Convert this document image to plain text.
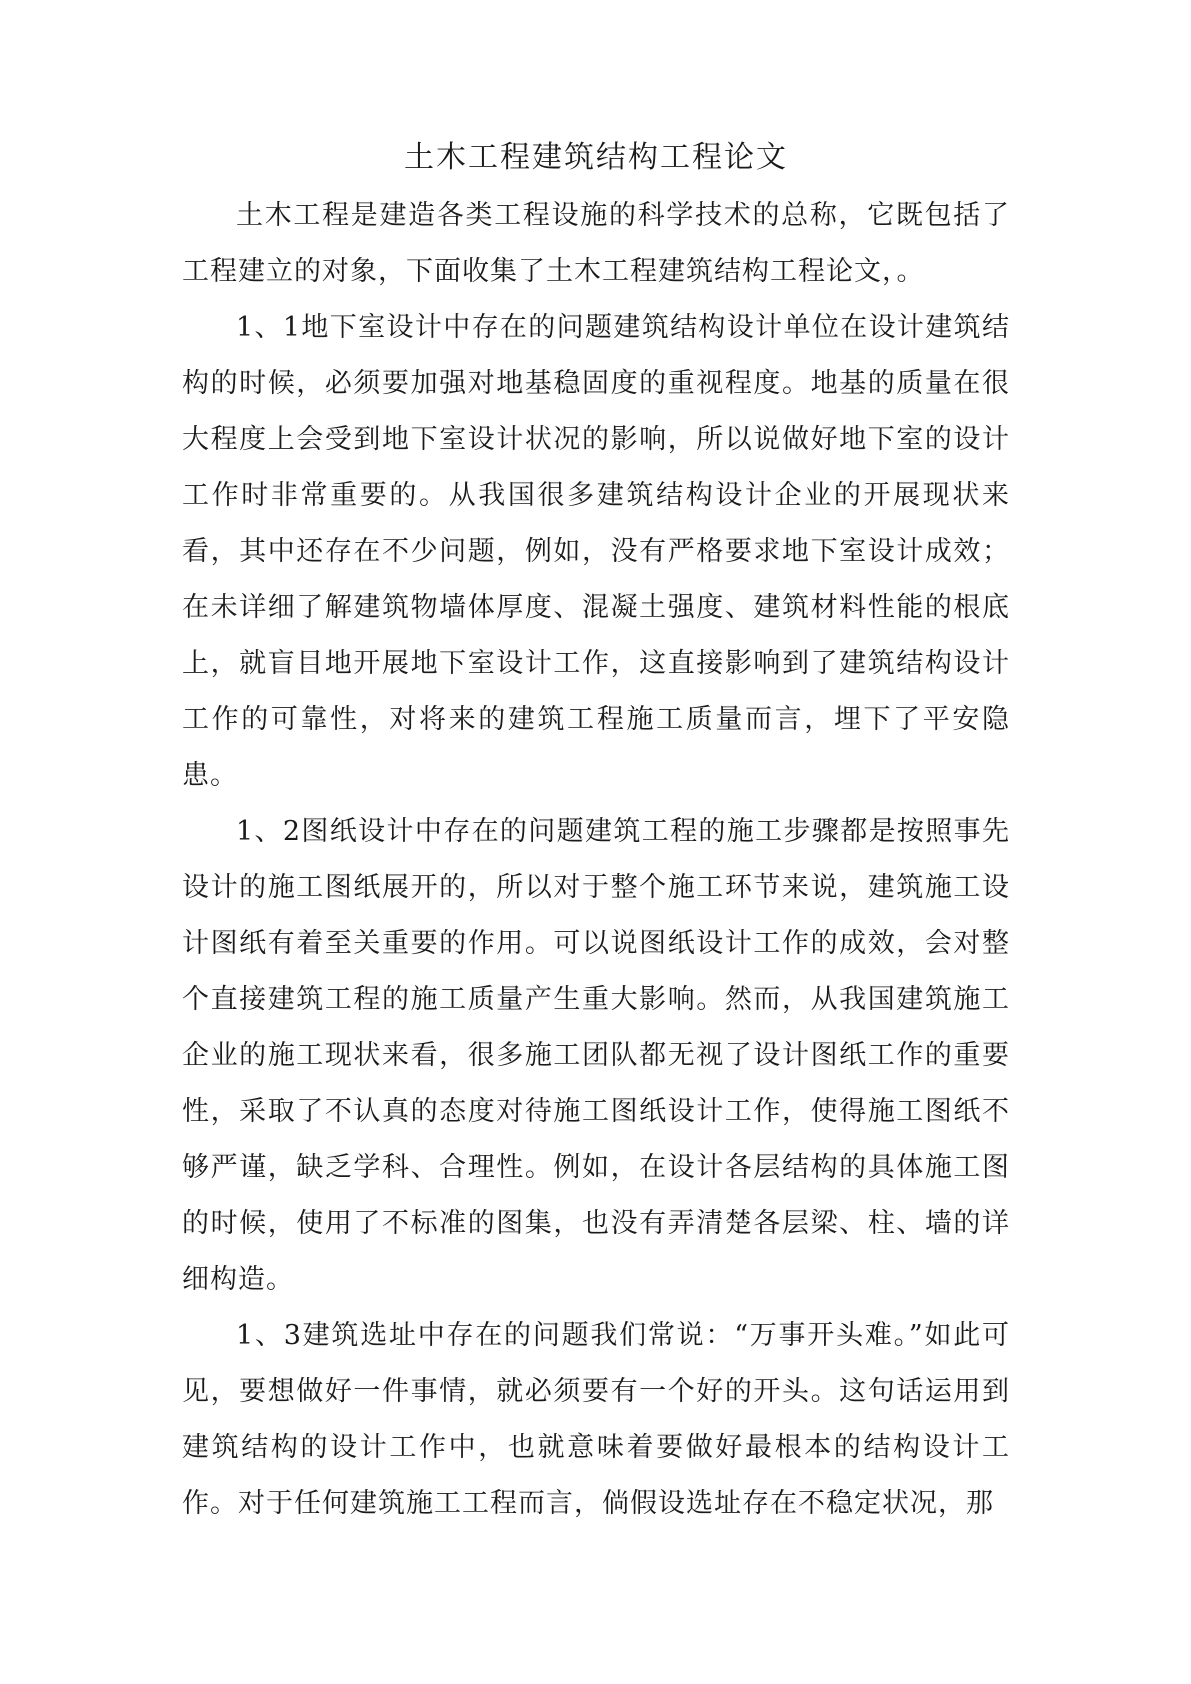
土木工程建筑结构工程论文

土木工程是建造各类工程设施的科学技术的总称，它既包括了工程建立的对象，下面收集了土木工程建筑结构工程论文，。

1、1地下室设计中存在的问题建筑结构设计单位在设计建筑结构的时候，必须要加强对地基稳固度的重视程度。地基的质量在很大程度上会受到地下室设计状况的影响，所以说做好地下室的设计工作时非常重要的。从我国很多建筑结构设计企业的开展现状来看，其中还存在不少问题，例如，没有严格要求地下室设计成效；在未详细了解建筑物墙体厚度、混凝土强度、建筑材料性能的根底上，就盲目地开展地下室设计工作，这直接影响到了建筑结构设计工作的可靠性，对将来的建筑工程施工质量而言，埋下了平安隐患。

1、2图纸设计中存在的问题建筑工程的施工步骤都是按照事先设计的施工图纸展开的，所以对于整个施工环节来说，建筑施工设计图纸有着至关重要的作用。可以说图纸设计工作的成效，会对整个直接建筑工程的施工质量产生重大影响。然而，从我国建筑施工企业的施工现状来看，很多施工团队都无视了设计图纸工作的重要性，采取了不认真的态度对待施工图纸设计工作，使得施工图纸不够严谨，缺乏学科、合理性。例如，在设计各层结构的具体施工图的时候，使用了不标准的图集，也没有弄清楚各层梁、柱、墙的详细构造。

1、3建筑选址中存在的问题我们常说：“万事开头难。”如此可见，要想做好一件事情，就必须要有一个好的开头。这句话运用到建筑结构的设计工作中，也就意味着要做好最根本的结构设计工作。对于任何建筑施工工程而言，倘假设选址存在不稳定状况，那
